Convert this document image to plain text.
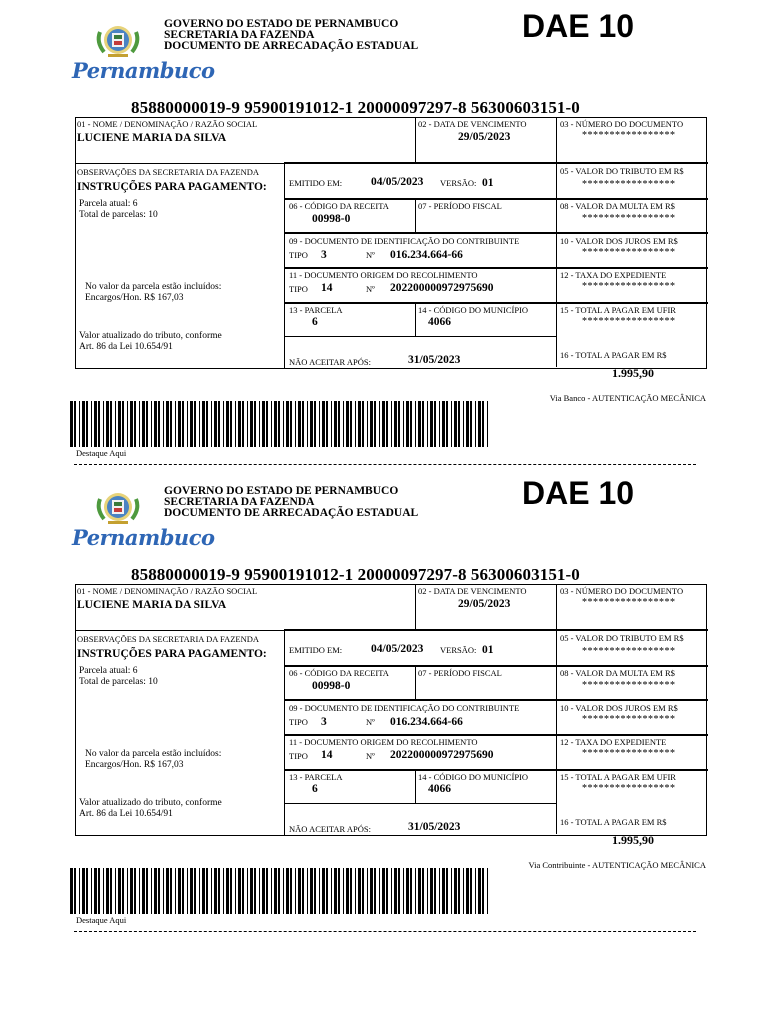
GOVERNO DO ESTADO DE PERNAMBUCO
SECRETARIA DA FAZENDA
DOCUMENTO DE ARRECADAÇÃO ESTADUAL
DAE 10
Pernambuco
85880000019-9 95900191012-1 20000097297-8 56300603151-0
01 - NOME / DENOMINAÇÃO / RAZÃO SOCIAL
LUCIENE MARIA DA SILVA
02 - DATA DE VENCIMENTO
29/05/2023
03 - NÚMERO DO DOCUMENTO
*****************
OBSERVAÇÕES DA SECRETARIA DA FAZENDA
INSTRUÇÕES PARA PAGAMENTO:
Parcela atual: 6
Total de parcelas: 10
No valor da parcela estão incluídos:
Encargos/Hon. R$ 167,03
Valor atualizado do tributo, conforme
Art. 86 da Lei 10.654/91
EMITIDO EM:	04/05/2023 VERSÃO: 01
05 - VALOR DO TRIBUTO EM R$
*****************
06 - CÓDIGO DA RECEITA
00998-0
07 - PERÍODO FISCAL	08 - VALOR DA MULTA EM R$
*****************
09 - DOCUMENTO DE IDENTIFICAÇÃO DO CONTRIBUINTE
TIPO 3	Nº 016.234.664-66
10 - VALOR DOS JUROS EM R$
*****************
11 - DOCUMENTO ORIGEM DO RECOLHIMENTO
TIPO 14	Nº 202200000972975690
12 - TAXA DO EXPEDIENTE
*****************
13 - PARCELA
6
14 - CÓDIGO DO MUNICÍPIO
4066
15 - TOTAL A PAGAR EM UFIR
*****************
NÃO ACEITAR APÓS:	31/05/2023	16 - TOTAL A PAGAR EM R$
1.995,90
Via Banco - AUTENTICAÇÃO MECÂNICA
Destaque Aqui
GOVERNO DO ESTADO DE PERNAMBUCO
SECRETARIA DA FAZENDA
DOCUMENTO DE ARRECADAÇÃO ESTADUAL
DAE 10
Pernambuco
85880000019-9 95900191012-1 20000097297-8 56300603151-0
01 - NOME / DENOMINAÇÃO / RAZÃO SOCIAL
LUCIENE MARIA DA SILVA
02 - DATA DE VENCIMENTO
29/05/2023
03 - NÚMERO DO DOCUMENTO
*****************
OBSERVAÇÕES DA SECRETARIA DA FAZENDA
INSTRUÇÕES PARA PAGAMENTO:
Parcela atual: 6
Total de parcelas: 10
No valor da parcela estão incluídos:
Encargos/Hon. R$ 167,03
Valor atualizado do tributo, conforme
Art. 86 da Lei 10.654/91
EMITIDO EM:	04/05/2023 VERSÃO: 01
05 - VALOR DO TRIBUTO EM R$
*****************
06 - CÓDIGO DA RECEITA
00998-0
07 - PERÍODO FISCAL	08 - VALOR DA MULTA EM R$
*****************
09 - DOCUMENTO DE IDENTIFICAÇÃO DO CONTRIBUINTE
TIPO 3	Nº 016.234.664-66
10 - VALOR DOS JUROS EM R$
*****************
11 - DOCUMENTO ORIGEM DO RECOLHIMENTO
TIPO 14	Nº 202200000972975690
12 - TAXA DO EXPEDIENTE
*****************
13 - PARCELA
6
14 - CÓDIGO DO MUNICÍPIO
4066
15 - TOTAL A PAGAR EM UFIR
*****************
NÃO ACEITAR APÓS:	31/05/2023	16 - TOTAL A PAGAR EM R$
1.995,90
Via Contribuinte - AUTENTICAÇÃO MECÂNICA
Destaque Aqui
